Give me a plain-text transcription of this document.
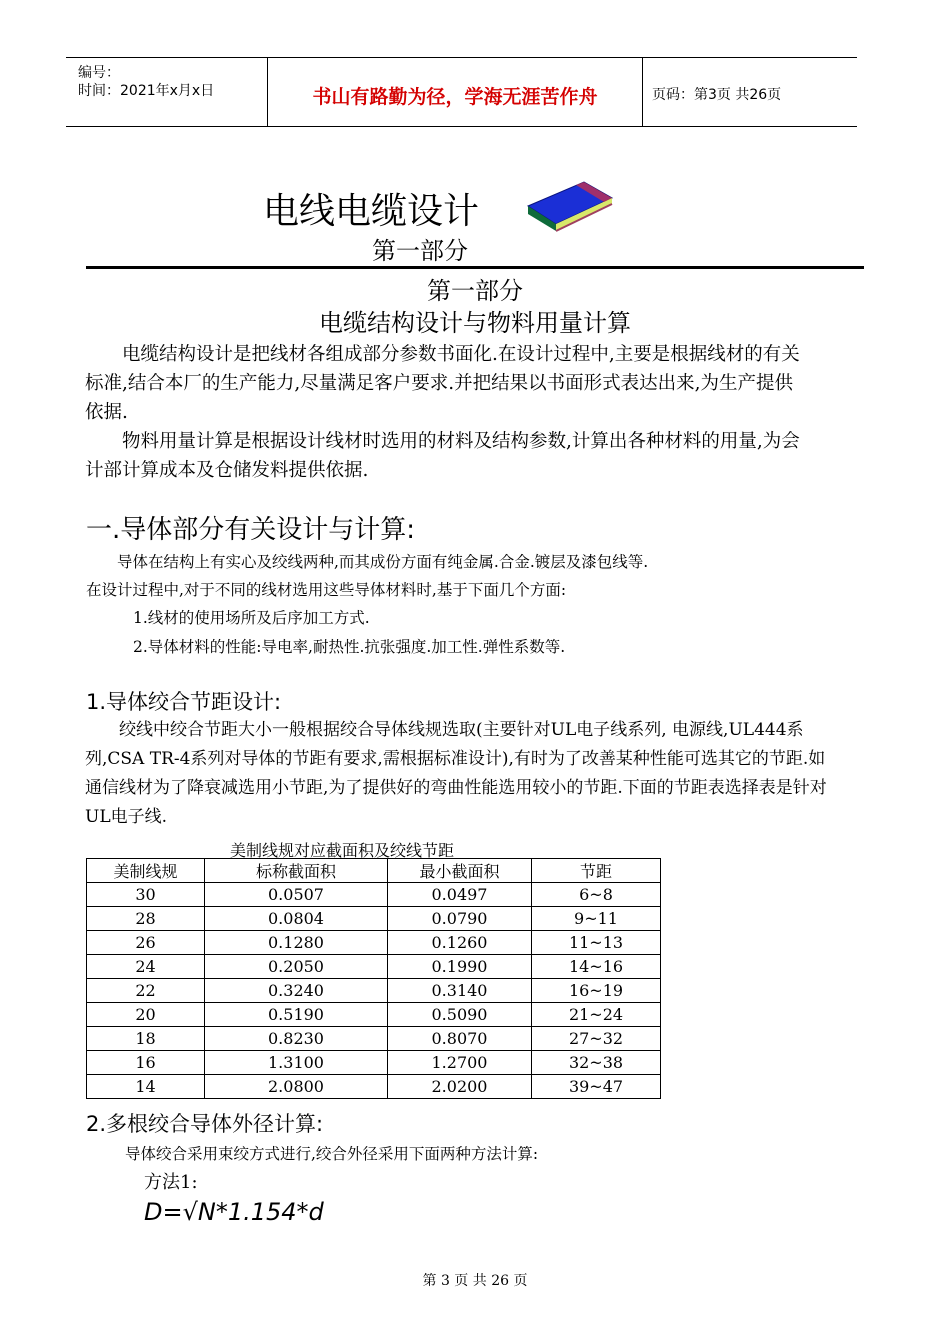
编号：
时间：2021年x月x日	书山有路勤为径，学海无涯苦作舟	页码：第3页 共26页
电线电缆设计
第一部分
第一部分
电缆结构设计与物料用量计算

电缆结构设计是把线材各组成部分参数书面化.在设计过程中,主要是根据线材的有关标准,结合本厂的生产能力,尽量满足客户要求.并把结果以书面形式表达出来,为生产提供依据.

物料用量计算是根据设计线材时选用的材料及结构参数,计算出各种材料的用量,为会计部计算成本及仓储发料提供依据.

一.导体部分有关设计与计算:
导体在结构上有实心及绞线两种,而其成份方面有纯金属.合金.镀层及漆包线等.
在设计过程中,对于不同的线材选用这些导体材料时,基于下面几个方面:
1.线材的使用场所及后序加工方式.
2.导体材料的性能:导电率,耐热性.抗张强度.加工性.弹性系数等.
1.导体绞合节距设计:

绞线中绞合节距大小一般根据绞合导体线规选取(主要针对UL电子线系列, 电源线,UL444系列,CSA TR-4系列对导体的节距有要求,需根据标准设计),有时为了改善某种性能可选其它的节距.如通信线材为了降衰减选用小节距,为了提供好的弯曲性能选用较小的节距.下面的节距表选择表是针对UL电子线.

美制线规对应截面积及绞线节距
美制线规	标称截面积	最小截面积	节距
30	0.0507	0.0497	6~8
28	0.0804	0.0790	9~11
26	0.1280	0.1260	11~13
24	0.2050	0.1990	14~16
22	0.3240	0.3140	16~19
20	0.5190	0.5090	21~24
18	0.8230	0.8070	27~32
16	1.3100	1.2700	32~38
14	2.0800	2.0200	39~47
2.多根绞合导体外径计算:
导体绞合采用束绞方式进行,绞合外径采用下面两种方法计算:
方法1:
D=√N*1.154*d
第 3 页 共 26 页
